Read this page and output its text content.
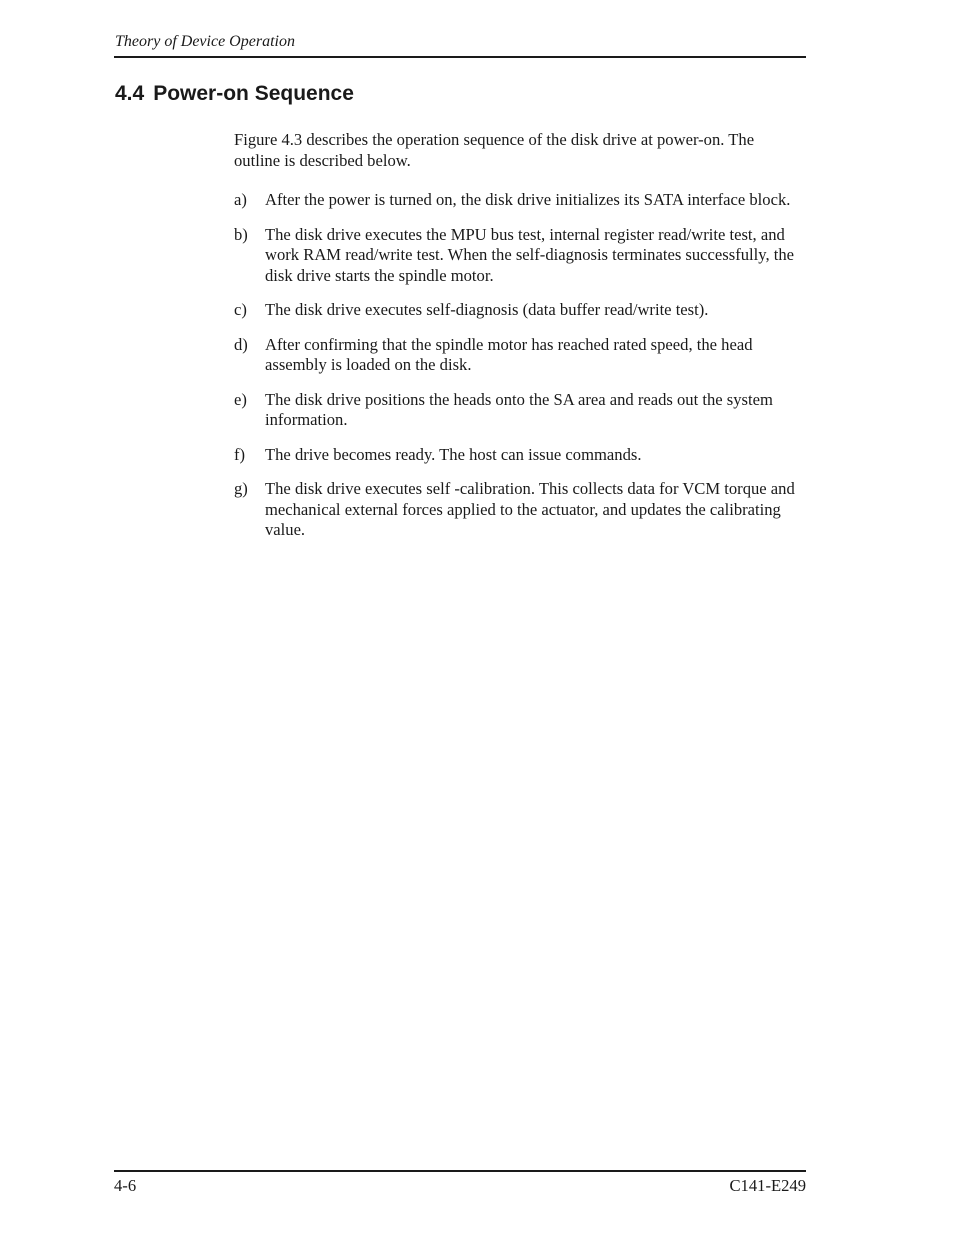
Theory of Device Operation
4.4 Power-on Sequence

Figure 4.3 describes the operation sequence of the disk drive at power-on. The outline is described below.

a)	After the power is turned on, the disk drive initializes its SATA interface block.
b)	The disk drive executes the MPU bus test, internal register read/write test, and work RAM read/write test. When the self-diagnosis terminates successfully, the disk drive starts the spindle motor.
c)	The disk drive executes self-diagnosis (data buffer read/write test).
d)	After confirming that the spindle motor has reached rated speed, the head assembly is loaded on the disk.
e)	The disk drive positions the heads onto the SA area and reads out the system information.
f)	The drive becomes ready. The host can issue commands.
g)	The disk drive executes self -calibration. This collects data for VCM torque and mechanical external forces applied to the actuator, and updates the calibrating value.
4-6	C141-E249
